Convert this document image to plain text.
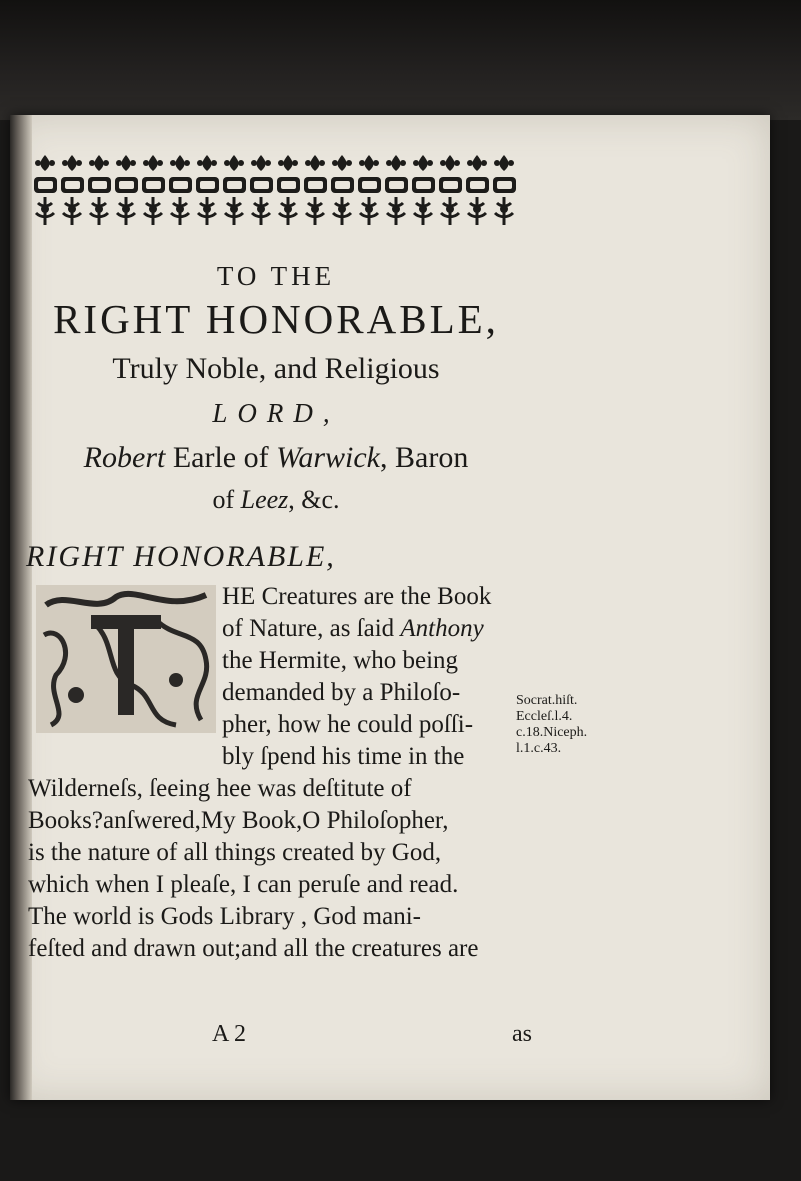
TO THE
RIGHT HONORABLE,
Truly Noble, and Religious
LORD,
Robert Earle of Warwick, Baron
of Leez, &c.
RIGHT HONORABLE,
HE Creatures are the Book
of Nature, as ſaid Anthony
the Hermite, who being
demanded by a Philoſo-
pher, how he could poſſi-
bly ſpend his time in the
Wilderneſs, ſeeing hee was deſtitute of
Books?anſwered,My Book,O Philoſopher,
is the nature of all things created by God,
which when I pleaſe, I can peruſe and read.
The world is Gods Library , God mani-
feſted and drawn out;and all the creatures are
Socrat.hiſt.
Eccleſ.l.4.
c.18.Niceph.
l.1.c.43.
A 2	as
